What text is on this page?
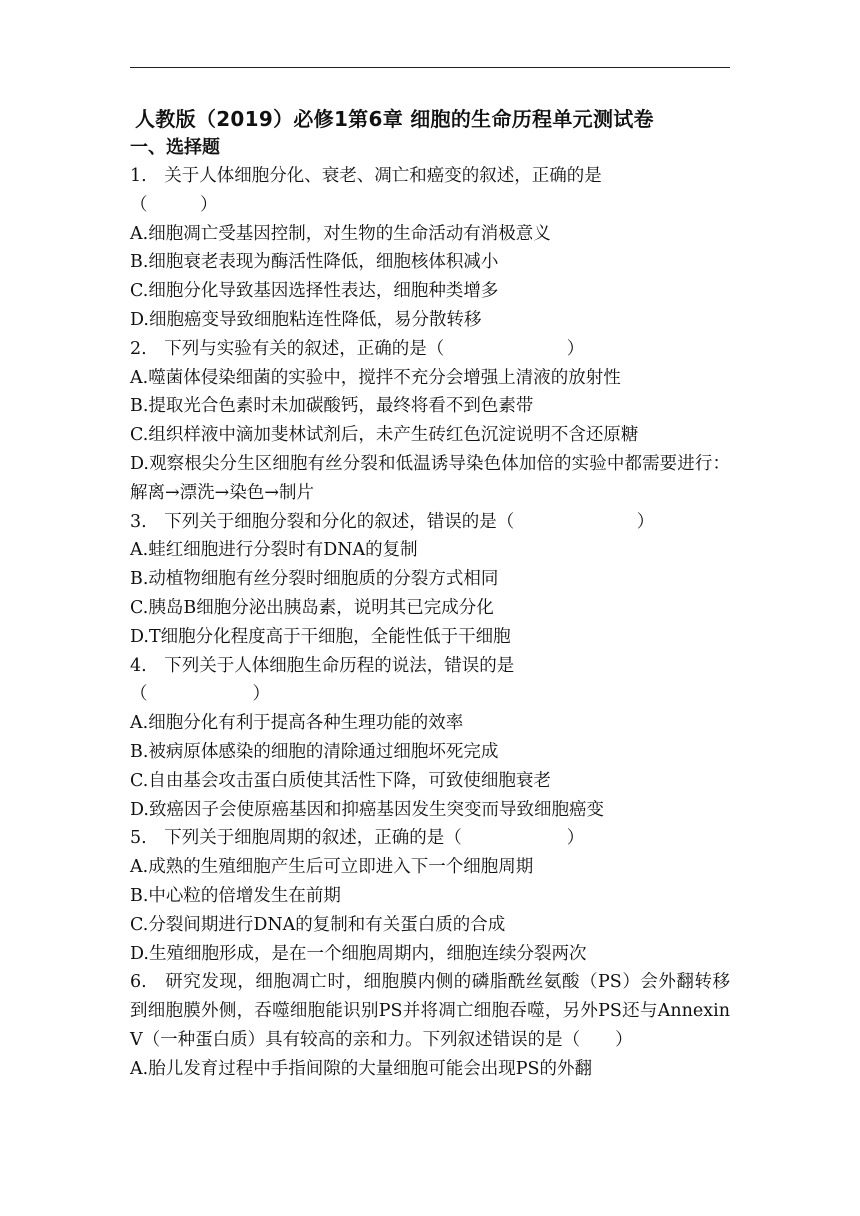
人教版（2019）必修1第6章 细胞的生命历程单元测试卷
一、选择题
1.　关于人体细胞分化、衰老、凋亡和癌变的叙述，正确的是
（　　　）
A.细胞凋亡受基因控制，对生物的生命活动有消极意义
B.细胞衰老表现为酶活性降低，细胞核体积减小
C.细胞分化导致基因选择性表达，细胞种类增多
D.细胞癌变导致细胞粘连性降低，易分散转移
2.　下列与实验有关的叙述，正确的是（　　　　　　　）
A.噬菌体侵染细菌的实验中，搅拌不充分会增强上清液的放射性
B.提取光合色素时未加碳酸钙，最终将看不到色素带
C.组织样液中滴加斐林试剂后，未产生砖红色沉淀说明不含还原糖
D.观察根尖分生区细胞有丝分裂和低温诱导染色体加倍的实验中都需要进行：解离→漂洗→染色→制片
3.　下列关于细胞分裂和分化的叙述，错误的是（　　　　　　　）
A.蛙红细胞进行分裂时有DNA的复制
B.动植物细胞有丝分裂时细胞质的分裂方式相同
C.胰岛B细胞分泌出胰岛素，说明其已完成分化
D.T细胞分化程度高于干细胞，全能性低于干细胞
4.　下列关于人体细胞生命历程的说法，错误的是
（　　　　　　）
A.细胞分化有利于提高各种生理功能的效率
B.被病原体感染的细胞的清除通过细胞坏死完成
C.自由基会攻击蛋白质使其活性下降，可致使细胞衰老
D.致癌因子会使原癌基因和抑癌基因发生突变而导致细胞癌变
5.　下列关于细胞周期的叙述，正确的是（　　　　　　）
A.成熟的生殖细胞产生后可立即进入下一个细胞周期
B.中心粒的倍增发生在前期
C.分裂间期进行DNA的复制和有关蛋白质的合成
D.生殖细胞形成，是在一个细胞周期内，细胞连续分裂两次
6.　研究发现，细胞凋亡时，细胞膜内侧的磷脂酰丝氨酸（PS）会外翻转移到细胞膜外侧，吞噬细胞能识别PS并将凋亡细胞吞噬，另外PS还与Annexin V（一种蛋白质）具有较高的亲和力。下列叙述错误的是（　　）
A.胎儿发育过程中手指间隙的大量细胞可能会出现PS的外翻
